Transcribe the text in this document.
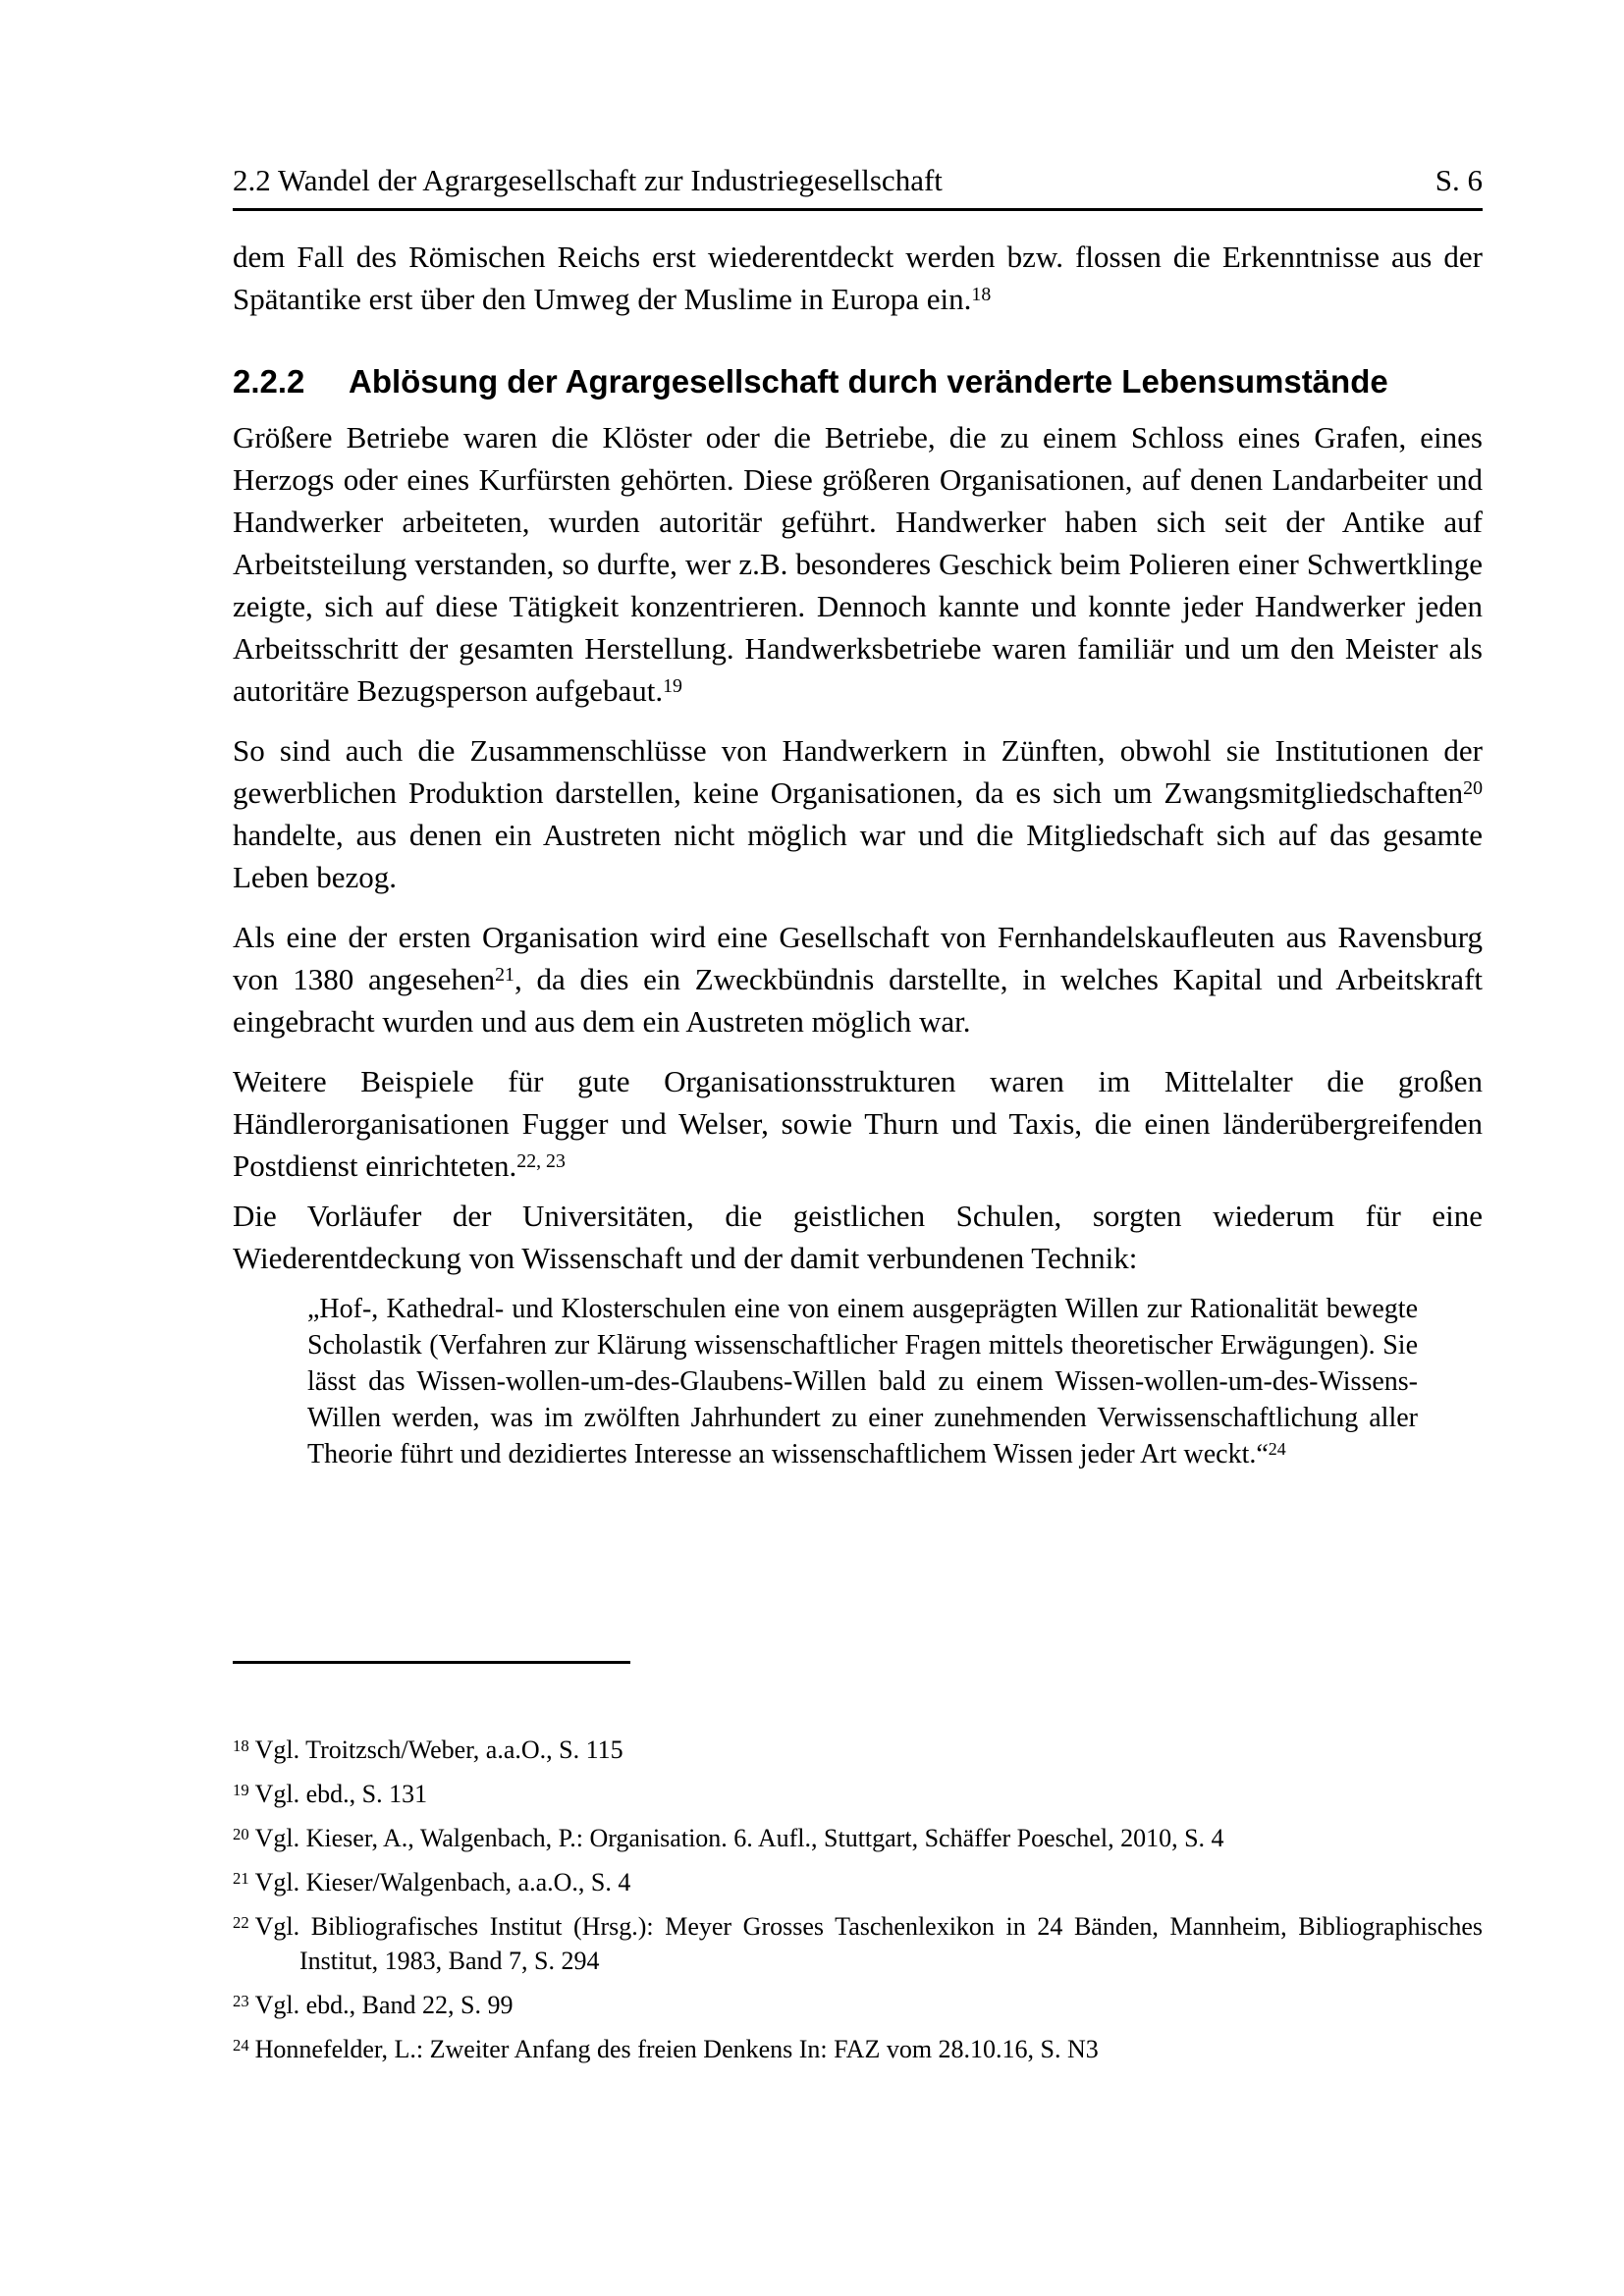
2.2 Wandel der Agrargesellschaft zur Industriegesellschaft	S. 6

dem Fall des Römischen Reichs erst wiederentdeckt werden bzw. flossen die Erkenntnisse aus der Spätantike erst über den Umweg der Muslime in Europa ein.$^{18}$

2.2.2	Ablösung der Agrargesellschaft durch veränderte Lebensumstände

Größere Betriebe waren die Klöster oder die Betriebe, die zu einem Schloss eines Grafen, eines Herzogs oder eines Kurfürsten gehörten. Diese größeren Organisationen, auf denen Landarbeiter und Handwerker arbeiteten, wurden autoritär geführt. Handwerker haben sich seit der Antike auf Arbeitsteilung verstanden, so durfte, wer z.B. besonderes Geschick beim Polieren einer Schwertklinge zeigte, sich auf diese Tätigkeit konzentrieren. Dennoch kannte und konnte jeder Handwerker jeden Arbeitsschritt der gesamten Herstellung. Handwerksbetriebe waren familiär und um den Meister als autoritäre Bezugsperson aufgebaut.$^{19}$

So sind auch die Zusammenschlüsse von Handwerkern in Zünften, obwohl sie Institutionen der gewerblichen Produktion darstellen, keine Organisationen, da es sich um Zwangsmitgliedschaften$^{20}$ handelte, aus denen ein Austreten nicht möglich war und die Mitgliedschaft sich auf das gesamte Leben bezog.

Als eine der ersten Organisation wird eine Gesellschaft von Fernhandelskaufleuten aus Ravensburg von 1380 angesehen$^{21}$, da dies ein Zweckbündnis darstellte, in welches Kapital und Arbeitskraft eingebracht wurden und aus dem ein Austreten möglich war.

Weitere Beispiele für gute Organisationsstrukturen waren im Mittelalter die großen Händlerorganisationen Fugger und Welser, sowie Thurn und Taxis, die einen länderübergreifenden Postdienst einrichteten.$^{22, 23}$

Die Vorläufer der Universitäten, die geistlichen Schulen, sorgten wiederum für eine Wiederentdeckung von Wissenschaft und der damit verbundenen Technik:

„Hof-, Kathedral- und Klosterschulen eine von einem ausgeprägten Willen zur Rationalität bewegte Scholastik (Verfahren zur Klärung wissenschaftlicher Fragen mittels theoretischer Erwägungen). Sie lässt das Wissen-wollen-um-des-Glaubens-Willen bald zu einem Wissen-wollen-um-des-Wissens-Willen werden, was im zwölften Jahrhundert zu einer zunehmenden Verwissenschaftlichung aller Theorie führt und dezidiertes Interesse an wissenschaftlichem Wissen jeder Art weckt.“$^{24}$

$^{18}$ Vgl. Troitzsch/Weber, a.a.O., S. 115

$^{19}$ Vgl. ebd., S. 131

$^{20}$ Vgl. Kieser, A., Walgenbach, P.: Organisation. 6. Aufl., Stuttgart, Schäffer Poeschel, 2010, S. 4

$^{21}$ Vgl. Kieser/Walgenbach, a.a.O., S. 4

$^{22}$ Vgl. Bibliografisches Institut (Hrsg.): Meyer Grosses Taschenlexikon in 24 Bänden, Mannheim, Bibliographisches Institut, 1983, Band 7, S. 294

$^{23}$ Vgl. ebd., Band 22, S. 99

$^{24}$ Honnefelder, L.: Zweiter Anfang des freien Denkens In: FAZ vom 28.10.16, S. N3
